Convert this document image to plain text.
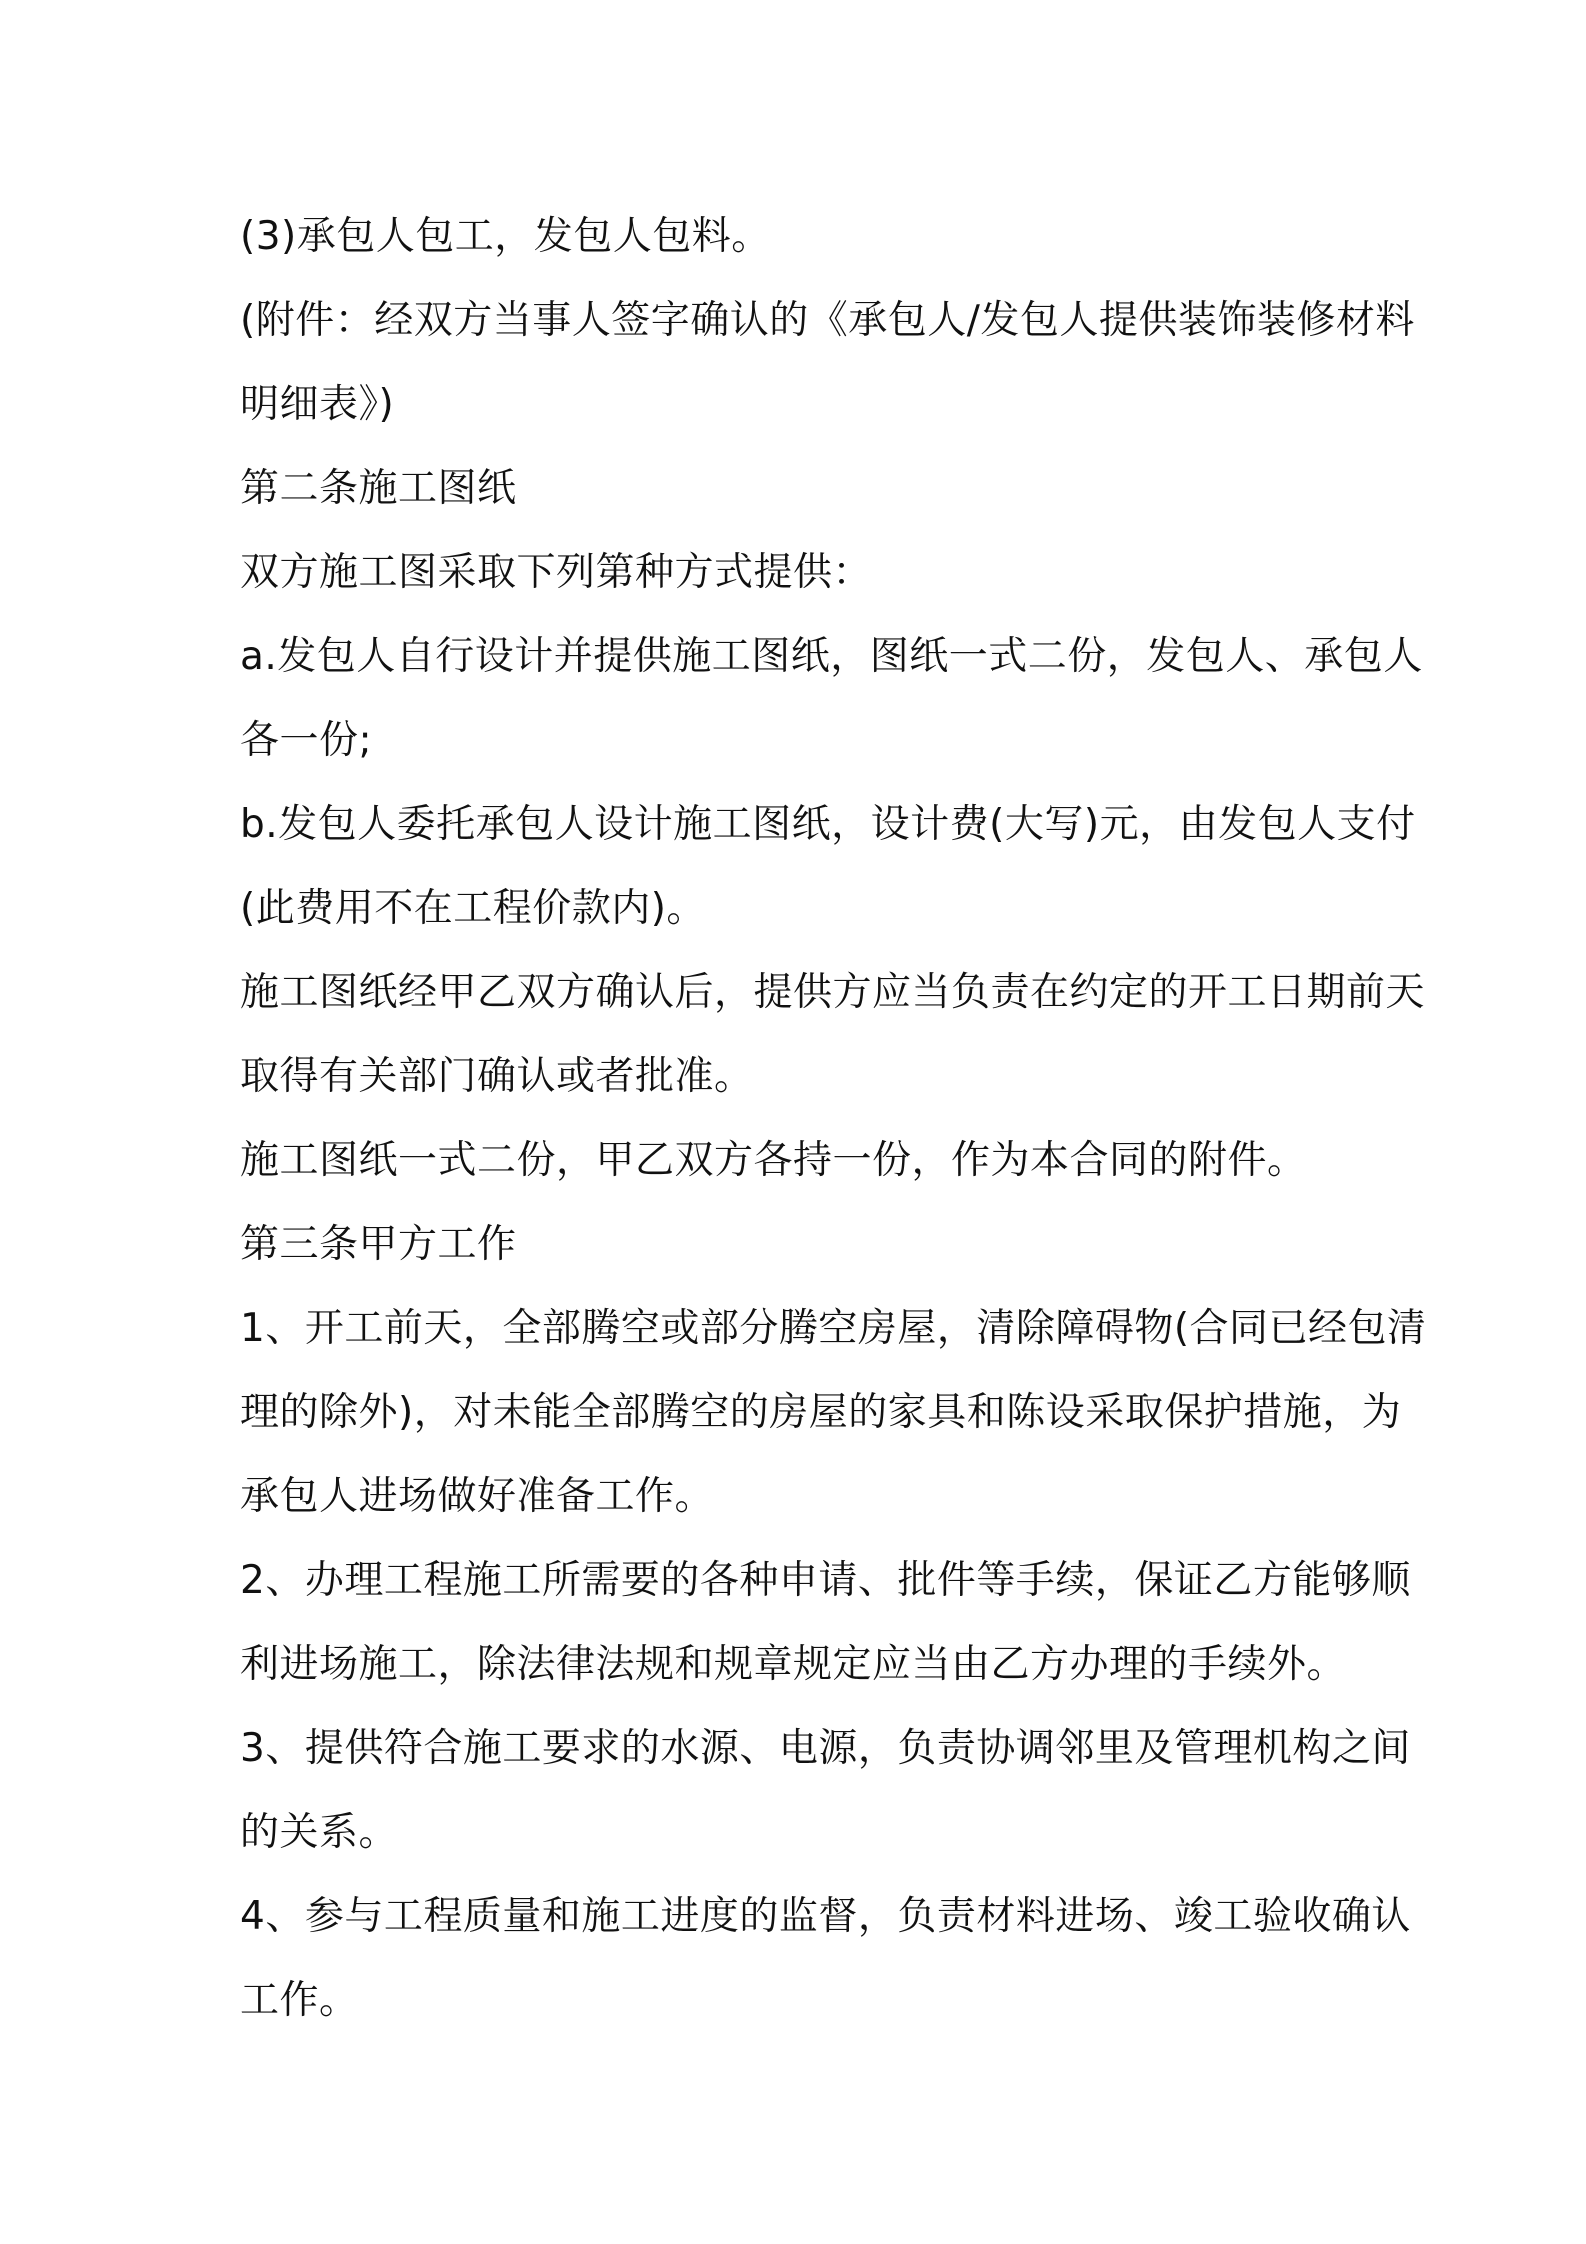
(3)承包人包工，发包人包料。
(附件：经双方当事人签字确认的《承包人/发包人提供装饰装修材料
明细表》)
第二条施工图纸
双方施工图采取下列第种方式提供：
a.发包人自行设计并提供施工图纸，图纸一式二份，发包人、承包人
各一份;
b.发包人委托承包人设计施工图纸，设计费(大写)元，由发包人支付
(此费用不在工程价款内)。
施工图纸经甲乙双方确认后，提供方应当负责在约定的开工日期前天
取得有关部门确认或者批准。
施工图纸一式二份，甲乙双方各持一份，作为本合同的附件。
第三条甲方工作
1、开工前天，全部腾空或部分腾空房屋，清除障碍物(合同已经包清
理的除外)，对未能全部腾空的房屋的家具和陈设采取保护措施，为
承包人进场做好准备工作。
2、办理工程施工所需要的各种申请、批件等手续，保证乙方能够顺
利进场施工，除法律法规和规章规定应当由乙方办理的手续外。
3、提供符合施工要求的水源、电源，负责协调邻里及管理机构之间
的关系。
4、参与工程质量和施工进度的监督，负责材料进场、竣工验收确认
工作。
